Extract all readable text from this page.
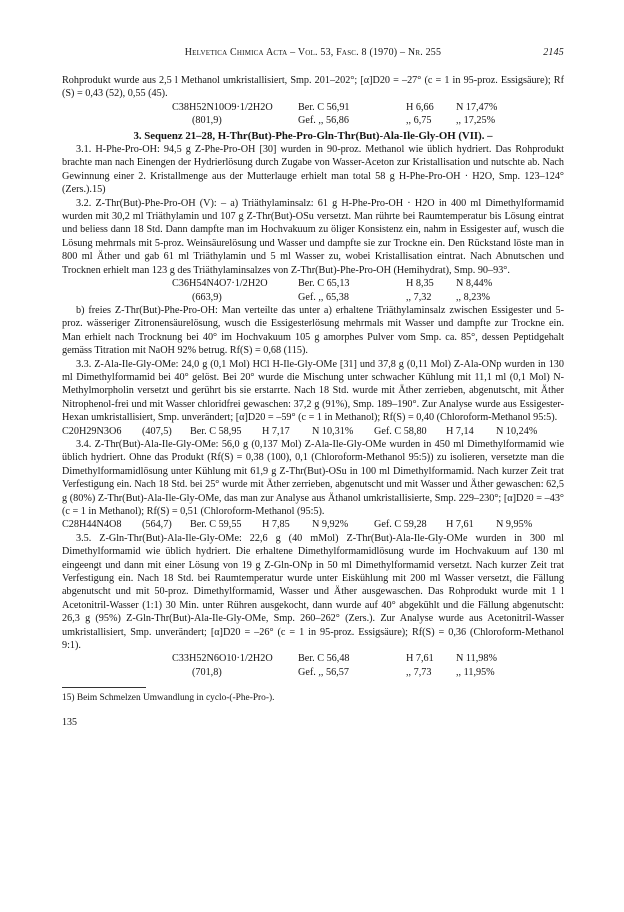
Helvetica Chimica Acta – Vol. 53, Fasc. 8 (1970) – Nr. 255	2145

Rohprodukt wurde aus 2,5 l Methanol umkristallisiert, Smp. 201–202°; [α]D20 = –27° (c = 1 in 95-proz. Essigsäure); Rf (S) = 0,43 (52), 0,55 (45).

C38H52N10O9·1/2H2O	Ber. C 56,91	H 6,66	N 17,47%
(801,9)	Gef. ,, 56,86	,, 6,75	,, 17,25%

3. Sequenz 21–28, H-Thr(But)-Phe-Pro-Gln-Thr(But)-Ala-Ile-Gly-OH (VII). –

3.1. H-Phe-Pro-OH: 94,5 g Z-Phe-Pro-OH [30] wurden in 90-proz. Methanol wie üblich hydriert. Das Rohprodukt brachte man nach Einengen der Hydrierlösung durch Zugabe von Wasser-Aceton zur Kristallisation und nutschte ab. Nach Gewinnung einer 2. Kristallmenge aus der Mutterlauge erhielt man total 58 g H-Phe-Pro-OH · H2O, Smp. 123–124° (Zers.).15)

3.2. Z-Thr(But)-Phe-Pro-OH (V): – a) Triäthylaminsalz: 61 g H-Phe-Pro-OH · H2O in 400 ml Dimethylformamid wurden mit 30,2 ml Triäthylamin und 107 g Z-Thr(But)-OSu versetzt. Man rührte bei Raumtemperatur bis Lösung eintrat und beliess dann 18 Std. Dann dampfte man im Hochvakuum zu öliger Konsistenz ein, nahm in Essigester auf, wusch die Lösung mehrmals mit 5-proz. Weinsäurelösung und Wasser und dampfte sie zur Trockne ein. Den Rückstand löste man in 800 ml Äther und gab 61 ml Triäthylamin und 5 ml Wasser zu, wobei Kristallisation eintrat. Nach Abnutschen und Trocknen erhielt man 123 g des Triäthylaminsalzes von Z-Thr(But)-Phe-Pro-OH (Hemihydrat), Smp. 90–93°.

C36H54N4O7·1/2H2O	Ber. C 65,13	H 8,35	N 8,44%
(663,9)	Gef. ,, 65,38	,, 7,32	,, 8,23%

b) freies Z-Thr(But)-Phe-Pro-OH: Man verteilte das unter a) erhaltene Triäthylaminsalz zwischen Essigester und 5-proz. wässeriger Zitronensäurelösung, wusch die Essigesterlösung mehrmals mit Wasser und dampfte zur Trockne ein. Man erhielt nach Trocknung bei 40° im Hochvakuum 105 g amorphes Pulver vom Smp. ca. 85°, dessen Peptidgehalt gemäss Titration mit NaOH 92% betrug. Rf(S) = 0,68 (115).

3.3. Z-Ala-Ile-Gly-OMe: 24,0 g (0,1 Mol) HCl H-Ile-Gly-OMe [31] und 37,8 g (0,11 Mol) Z-Ala-ONp wurden in 130 ml Dimethylformamid bei 40° gelöst. Bei 20° wurde die Mischung unter schwacher Kühlung mit 11,1 ml (0,1 Mol) N-Methylmorpholin versetzt und gerührt bis sie erstarrte. Nach 18 Std. wurde mit Äther zerrieben, abgenutscht, mit Äther Nitrophenol-frei und mit Wasser chloridfrei gewaschen: 37,2 g (91%), Smp. 189–190°. Zur Analyse wurde aus Essigester-Hexan umkristallisiert, Smp. unverändert; [α]D20 = –59° (c = 1 in Methanol); Rf(S) = 0,40 (Chloroform-Methanol 95:5).

C20H29N3O6	(407,5)	Ber. C 58,95	H 7,17	N 10,31%	Gef. C 58,80	H 7,14	N 10,24%

3.4. Z-Thr(But)-Ala-Ile-Gly-OMe: 56,0 g (0,137 Mol) Z-Ala-Ile-Gly-OMe wurden in 450 ml Dimethylformamid wie üblich hydriert. Ohne das Produkt (Rf(S) = 0,38 (100), 0,1 (Chloroform-Methanol 95:5)) zu isolieren, versetzte man die Dimethylformamidlösung unter Kühlung mit 61,9 g Z-Thr(But)-OSu in 100 ml Dimethylformamid. Nach kurzer Zeit trat Verfestigung ein. Nach 18 Std. bei 25° wurde mit Äther zerrieben, abgenutscht und mit Wasser und Äther gewaschen: 62,5 g (80%) Z-Thr(But)-Ala-Ile-Gly-OMe, das man zur Analyse aus Äthanol umkristallisierte, Smp. 229–230°; [α]D20 = –43° (c = 1 in Methanol); Rf(S) = 0,51 (Chloroform-Methanol (95:5).

C28H44N4O8	(564,7)	Ber. C 59,55	H 7,85	N 9,92%	Gef. C 59,28	H 7,61	N 9,95%

3.5. Z-Gln-Thr(But)-Ala-Ile-Gly-OMe: 22,6 g (40 mMol) Z-Thr(But)-Ala-Ile-Gly-OMe wurden in 300 ml Dimethylformamid wie üblich hydriert. Die erhaltene Dimethylformamidlösung wurde im Hochvakuum auf 130 ml eingeengt und dann mit einer Lösung von 19 g Z-Gln-ONp in 50 ml Dimethylformamid versetzt. Nach kurzer Zeit trat Verfestigung ein. Nach 18 Std. bei Raumtemperatur wurde unter Eiskühlung mit 200 ml Wasser versetzt, die Fällung abgenutscht und mit 50-proz. Dimethylformamid, Wasser und Äther ausgewaschen. Das Rohprodukt wurde mit 1 l Acetonitril-Wasser (1:1) 30 Min. unter Rühren ausgekocht, dann wurde auf 40° abgekühlt und die Fällung abgenutscht: 26,3 g (95%) Z-Gln-Thr(But)-Ala-Ile-Gly-OMe, Smp. 260–262° (Zers.). Zur Analyse wurde aus Acetonitril-Wasser umkristallisiert, Smp. unverändert; [α]D20 = –26° (c = 1 in 95-proz. Essigsäure); Rf(S) = 0,36 (Chloroform-Methanol 9:1).

C33H52N6O10·1/2H2O	Ber. C 56,48	H 7,61	N 11,98%
(701,8)	Gef. ,, 56,57	,, 7,73	,, 11,95%

15) Beim Schmelzen Umwandlung in cyclo-(-Phe-Pro-).

135
